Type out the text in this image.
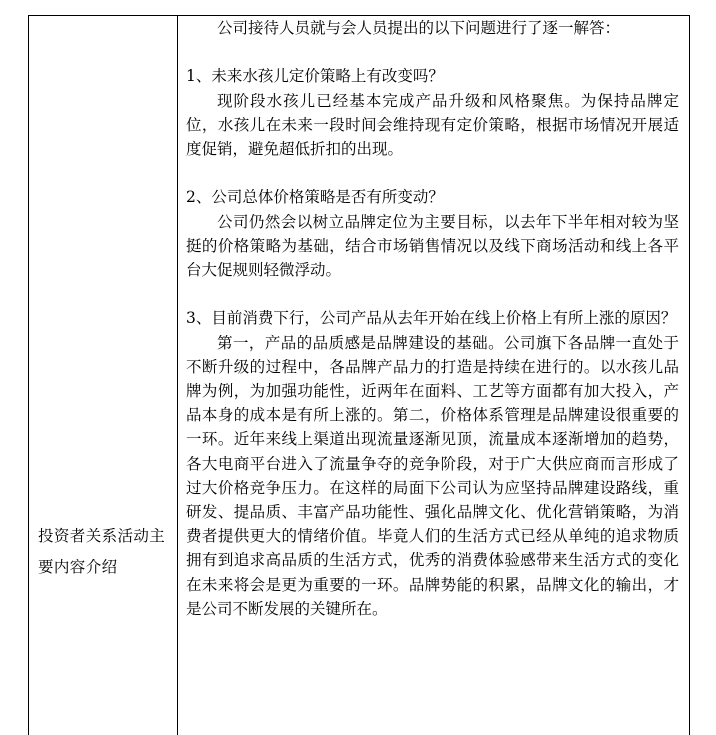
投资者关系活动主要内容介绍

公司接待人员就与会人员提出的以下问题进行了逐一解答：

1、未来水孩儿定价策略上有改变吗？

现阶段水孩儿已经基本完成产品升级和风格聚焦。为保持品牌定位，水孩儿在未来一段时间会维持现有定价策略，根据市场情况开展适度促销，避免超低折扣的出现。

2、公司总体价格策略是否有所变动？

公司仍然会以树立品牌定位为主要目标，以去年下半年相对较为坚挺的价格策略为基础，结合市场销售情况以及线下商场活动和线上各平台大促规则轻微浮动。

3、目前消费下行，公司产品从去年开始在线上价格上有所上涨的原因？

第一，产品的品质感是品牌建设的基础。公司旗下各品牌一直处于不断升级的过程中，各品牌产品力的打造是持续在进行的。以水孩儿品牌为例，为加强功能性，近两年在面料、工艺等方面都有加大投入，产品本身的成本是有所上涨的。第二，价格体系管理是品牌建设很重要的一环。近年来线上渠道出现流量逐渐见顶，流量成本逐渐增加的趋势，各大电商平台进入了流量争夺的竞争阶段，对于广大供应商而言形成了过大价格竞争压力。在这样的局面下公司认为应坚持品牌建设路线，重研发、提品质、丰富产品功能性、强化品牌文化、优化营销策略，为消费者提供更大的情绪价值。毕竟人们的生活方式已经从单纯的追求物质拥有到追求高品质的生活方式，优秀的消费体验感带来生活方式的变化在未来将会是更为重要的一环。品牌势能的积累，品牌文化的输出，才是公司不断发展的关键所在。
